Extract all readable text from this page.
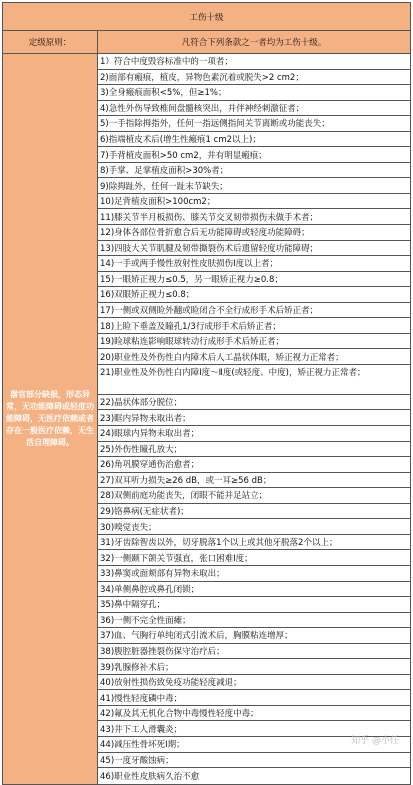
工伤十级
定级原则：	凡符合下列条款之一者均为工伤十级。
器官部分缺损，形态异常，无功能障碍或轻度功能障碍，无医疗依赖或者存在一般医疗依赖，无生活自理障碍。
1）符合中度毁容标准中的一项者；
2)面部有瘢痕，植皮，异物色素沉着或脱失>2 cm2；
3)全身瘢痕面积<5%，但≥1%；
4)急性外伤导致椎间盘髓核突出，并伴神经刺激征者；
5)一手指除拇指外，任何一指远侧指间关节离断或功能丧失；
6)指端植皮术后(增生性瘢痕1 cm2以上)；
7)手背植皮面积>50 cm2，并有明显瘢痕；
8)手掌、足掌植皮面积>30%者；
9)除拇趾外，任何一趾末节缺失；
10)足背植皮面积>100cm2；
11)膝关节半月板损伤、膝关节交叉韧带损伤未做手术者；
12)身体各部位骨折愈合后无功能障碍或轻度功能障碍；
13)四肢大关节肌腱及韧带撕裂伤术后遗留轻度功能障碍；
14)一手或两手慢性放射性皮肤损伤I度以上者；
15)一眼矫正视力≤0.5，另一眼矫正视力≥0.8；
16)双眼矫正视力≤0.8；
17)一侧或双侧睑外翻或睑闭合不全行成形手术后矫正者；
18)上睑下垂盖及瞳孔1/3行成形手术后矫正者；
19)睑球粘连影响眼球转动行成形手术后矫正者；
20)职业性及外伤性白内障术后人工晶状体眼，矫正视力正常者；
21)职业性及外伤性白内障Ⅰ度～Ⅱ度(或轻度、中度)，矫正视力正常者；
22)晶状体部分脱位；
23)眶内异物未取出者；
24)眼球内异物未取出者；
25)外伤性瞳孔放大；
26)角巩膜穿通伤治愈者；
27)双耳听力损失≥26 dB，或一耳≥56 dB；
28)双侧前庭功能丧失，闭眼不能并足站立；
29)铬鼻病(无症状者)；
30)嗅觉丧失；
31)牙齿除智齿以外，切牙脱落1个以上或其他牙脱落2个以上；
32)一侧颞下颌关节强直，张口困难I度；
33)鼻窦或面颊部有异物未取出；
34)单侧鼻腔或鼻孔闭锁；
35)鼻中隔穿孔；
36)一侧不完全性面瘫；
37)血、气胸行单纯闭式引流术后，胸膜粘连增厚；
38)腹腔脏器挫裂伤保守治疗后；
39)乳腺修补术后；
40)放射性损伤致免疫功能轻度减退；
41)慢性轻度磷中毒；
42)氟及其无机化合物中毒慢性轻度中毒；
43)井下工人滑囊炎；
44)减压性骨坏死Ⅰ期；
45)一度牙酸蚀病；
46)职业性皮肤病久治不愈
知乎 @小任
